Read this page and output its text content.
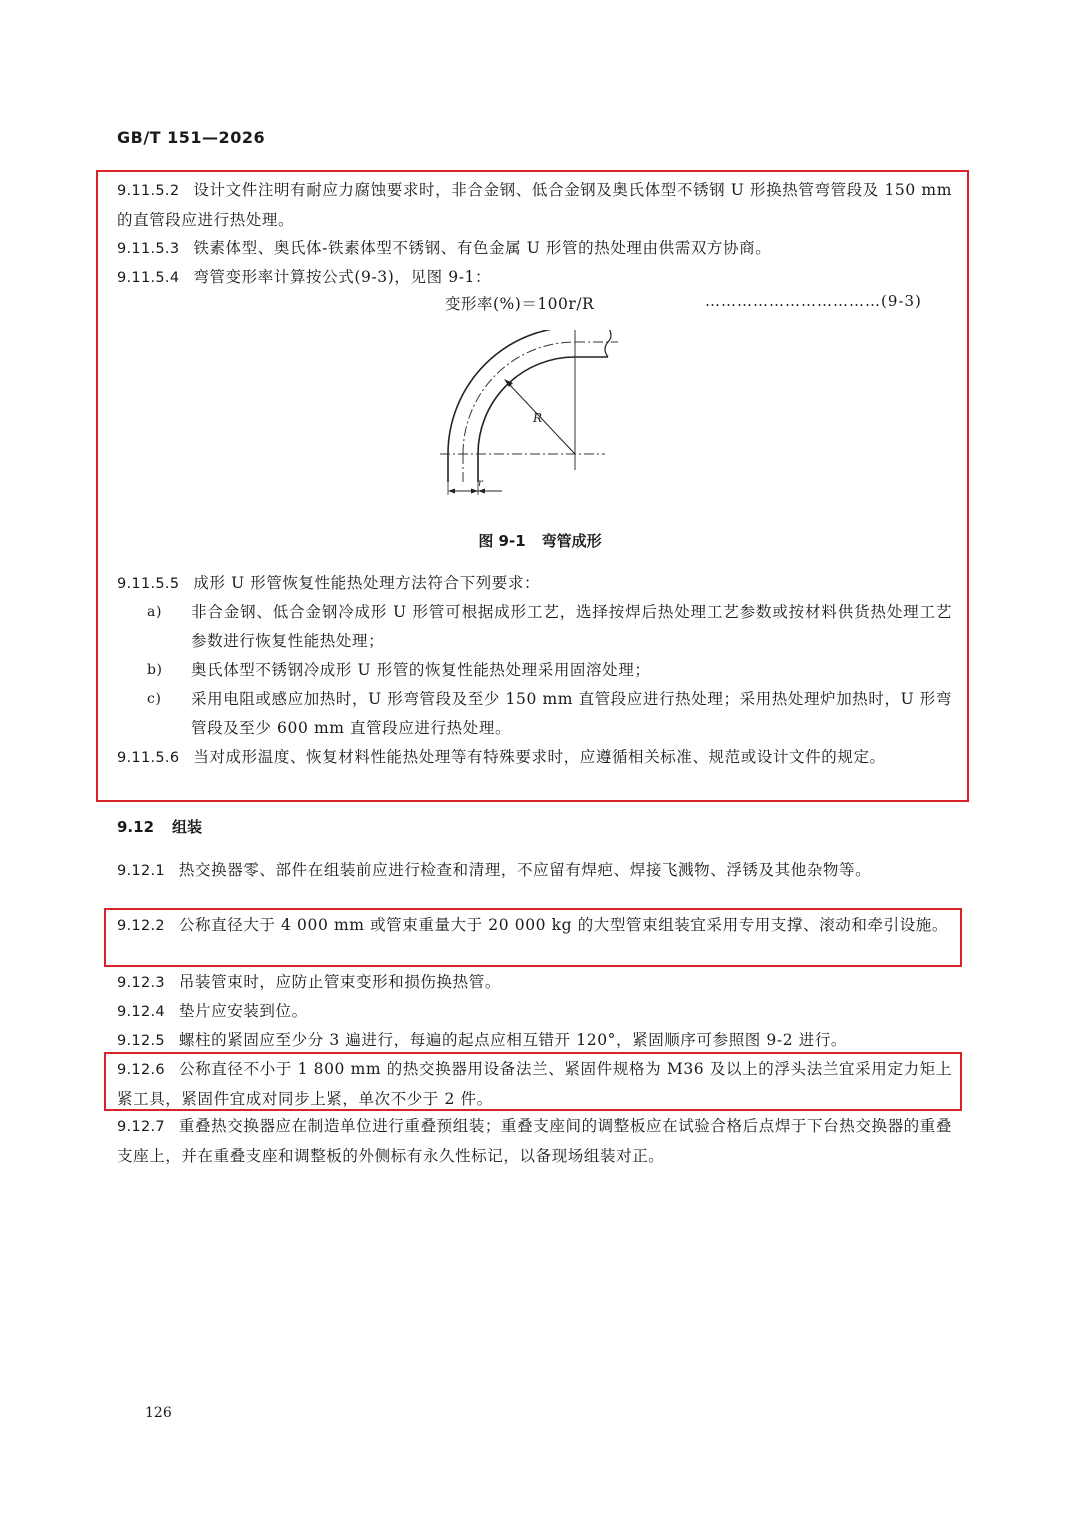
GB/T 151—2026
9.11.5.2 设计文件注明有耐应力腐蚀要求时，非合金钢、低合金钢及奥氏体型不锈钢 U 形换热管弯管段及 150 mm 的直管段应进行热处理。
9.11.5.3 铁素体型、奥氏体-铁素体型不锈钢、有色金属 U 形管的热处理由供需双方协商。
9.11.5.4 弯管变形率计算按公式(9-3)，见图 9-1：
变形率(%)＝100r/R	……………………………(9-3)
R
r
图 9-1 弯管成形
9.11.5.5 成形 U 形管恢复性能热处理方法符合下列要求：
a)	非合金钢、低合金钢冷成形 U 形管可根据成形工艺，选择按焊后热处理工艺参数或按材料供货热处理工艺参数进行恢复性能热处理；
b)	奥氏体型不锈钢冷成形 U 形管的恢复性能热处理采用固溶处理；
c)	采用电阻或感应加热时，U 形弯管段及至少 150 mm 直管段应进行热处理；采用热处理炉加热时，U 形弯管段及至少 600 mm 直管段应进行热处理。
9.11.5.6 当对成形温度、恢复材料性能热处理等有特殊要求时，应遵循相关标准、规范或设计文件的规定。
9.12 组装
9.12.1 热交换器零、部件在组装前应进行检查和清理，不应留有焊疤、焊接飞溅物、浮锈及其他杂物等。
9.12.2 公称直径大于 4 000 mm 或管束重量大于 20 000 kg 的大型管束组装宜采用专用支撑、滚动和牵引设施。
9.12.3 吊装管束时，应防止管束变形和损伤换热管。
9.12.4 垫片应安装到位。
9.12.5 螺柱的紧固应至少分 3 遍进行，每遍的起点应相互错开 120°，紧固顺序可参照图 9-2 进行。
9.12.6 公称直径不小于 1 800 mm 的热交换器用设备法兰、紧固件规格为 M36 及以上的浮头法兰宜采用定力矩上紧工具，紧固件宜成对同步上紧，单次不少于 2 件。
9.12.7 重叠热交换器应在制造单位进行重叠预组装；重叠支座间的调整板应在试验合格后点焊于下台热交换器的重叠支座上，并在重叠支座和调整板的外侧标有永久性标记，以备现场组装对正。
126
